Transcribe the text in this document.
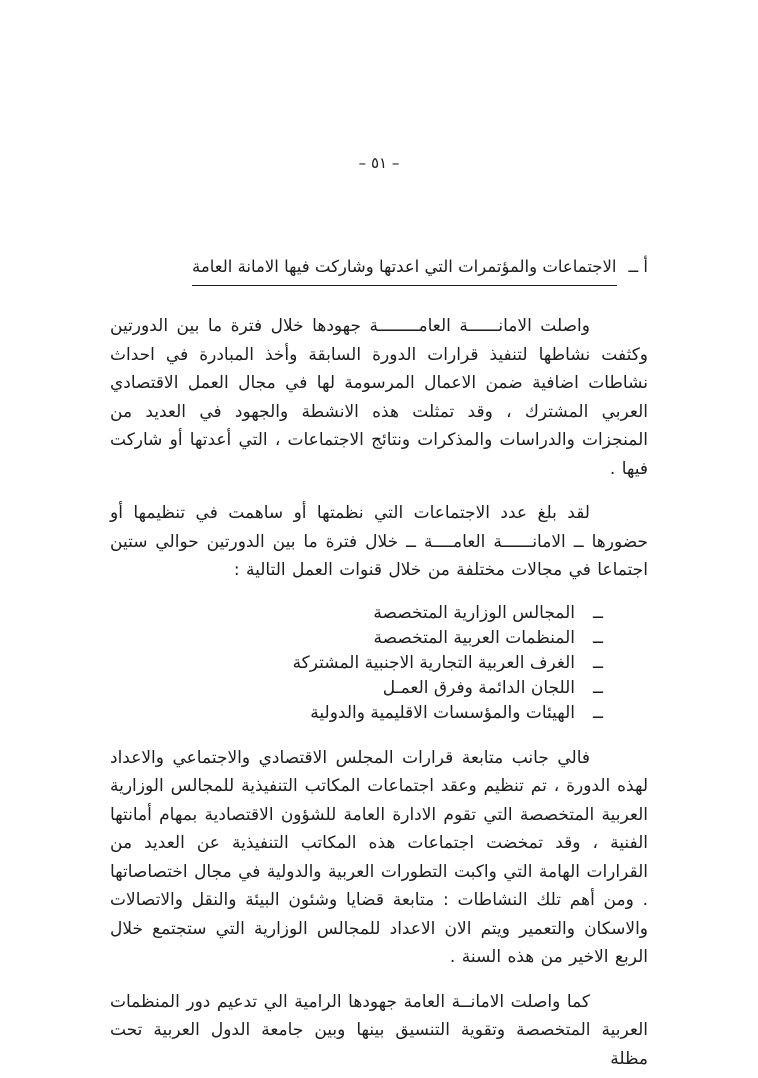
– ٥١ –
أ ــ
الاجتماعات والمؤتمرات التي اعدتها وشاركت فيها الامانة العامة

واصلت الامانــــــة العامــــــــة جهودها خلال فترة ما بين الدورتين وكثفت نشاطها لتنفيذ قرارات الدورة السابقة وأخذ المبادرة في احداث نشاطات اضافية ضمن الاعمال المرسومة لها في مجال العمل الاقتصادي العربي المشترك ، وقد تمثلت هذه الانشطة والجهود في العديد من المنجزات والدراسات والمذكرات ونتائج الاجتماعات ، التي أعدتها أو شاركت فيها .

لقد بلغ عدد الاجتماعات التي نظمتها أو ساهمت في تنظيمها أو حضورها ــ الامانــــــة العامــــة ــ خلال فترة ما بين الدورتين حوالي ستين اجتماعا في مجالات مختلفة من خلال قنوات العمل التالية :

ــ
المجالس الوزارية المتخصصة
ــ
المنظمات العربية المتخصصة
ــ
الغرف العربية التجارية الاجنبية المشتركة
ــ
اللجان الدائمة وفرق العمـل
ــ
الهيئات والمؤسسات الاقليمية والدولية

فالي جانب متابعة قرارات المجلس الاقتصادي والاجتماعي والاعداد لهذه الدورة ، تم تنظيم وعقد اجتماعات المكاتب التنفيذية للمجالس الوزارية العربية المتخصصة التي تقوم الادارة العامة للشؤون الاقتصادية بمهام أمانتها الفنية ، وقد تمخضت اجتماعات هذه المكاتب التنفيذية عن العديد من القرارات الهامة التي واكبت التطورات العربية والدولية في مجال اختصاصاتها . ومن أهم تلك النشاطات : متابعة قضايا وشئون البيئة والنقل والاتصالات والاسكان والتعمير ويتم الان الاعداد للمجالس الوزارية التي ستجتمع خلال الربع الاخير من هذه السنة .

كما واصلت الامانــة العامة جهودها الرامية الي تدعيم دور المنظمات العربية المتخصصة وتقوية التنسيق بينها وبين جامعة الدول العربية تحت مظلة
